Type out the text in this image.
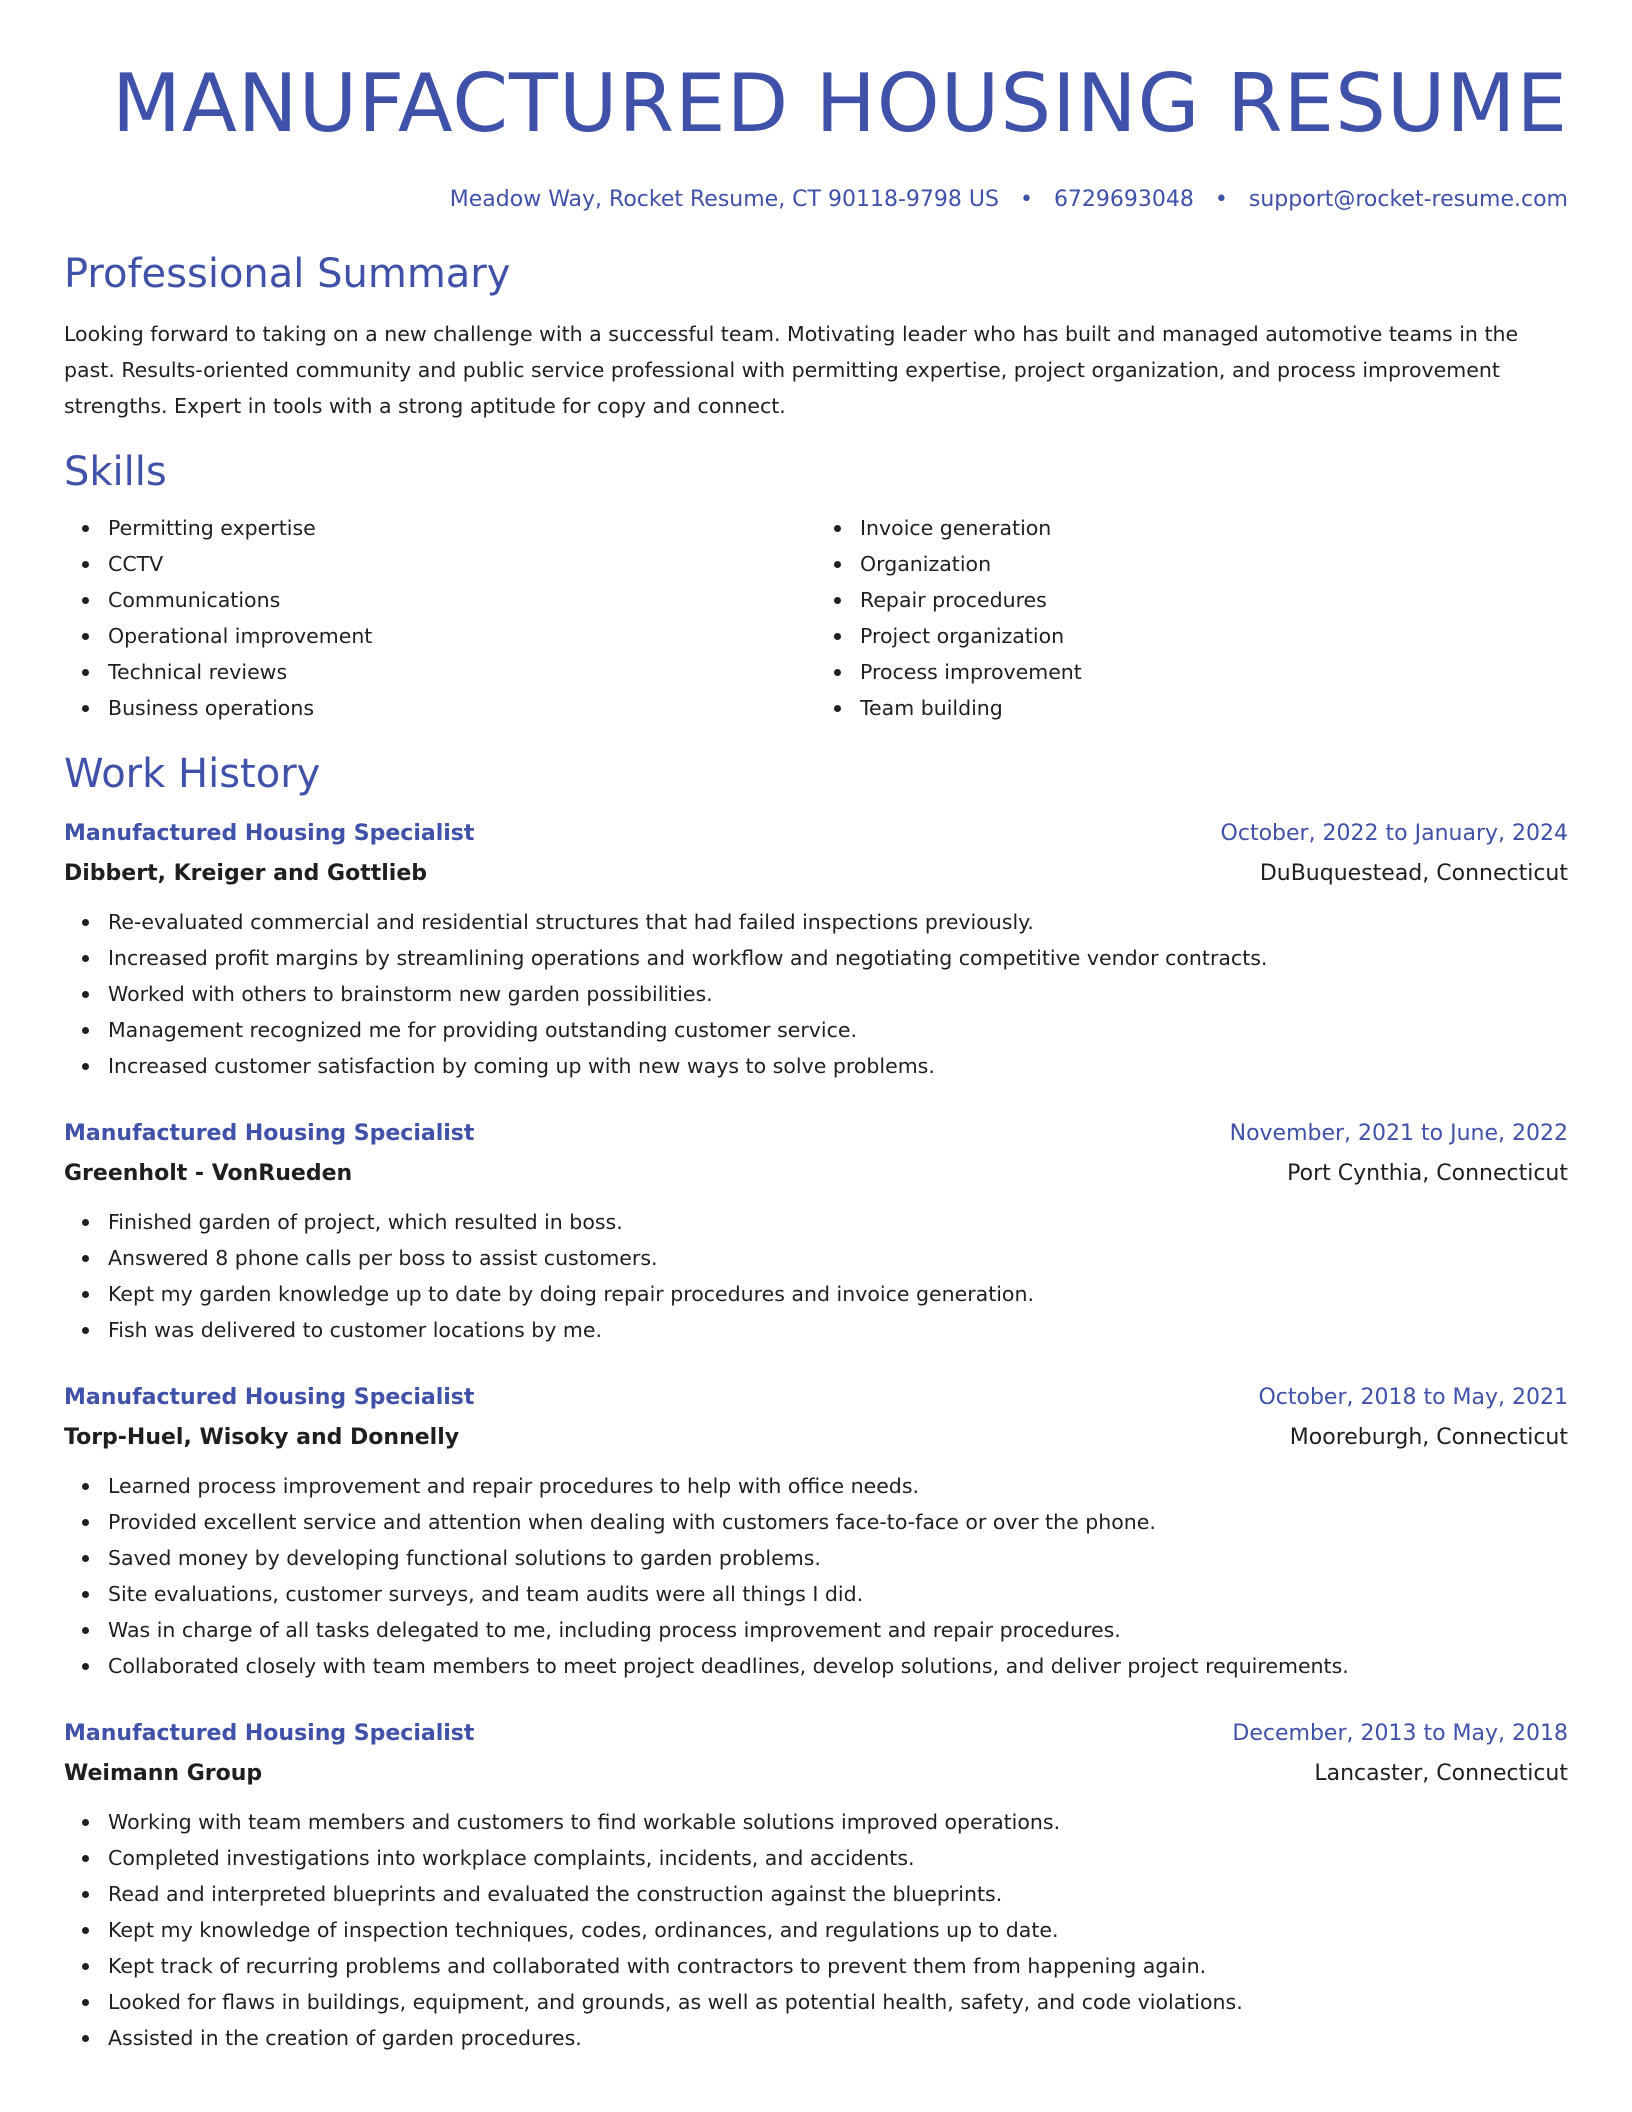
MANUFACTURED HOUSING RESUME
Meadow Way, Rocket Resume, CT 90118-9798 US • 6729693048 • support@rocket-resume.com
Professional Summary

Looking forward to taking on a new challenge with a successful team. Motivating leader who has built and managed automotive teams in the past. Results-oriented community and public service professional with permitting expertise, project organization, and process improvement strengths. Expert in tools with a strong aptitude for copy and connect.

Skills
Permitting expertise
CCTV
Communications
Operational improvement
Technical reviews
Business operations
Invoice generation
Organization
Repair procedures
Project organization
Process improvement
Team building
Work History
Manufactured Housing Specialist	October, 2022 to January, 2024
Dibbert, Kreiger and Gottlieb	DuBuquestead, Connecticut
Re-evaluated commercial and residential structures that had failed inspections previously.
Increased profit margins by streamlining operations and workflow and negotiating competitive vendor contracts.
Worked with others to brainstorm new garden possibilities.
Management recognized me for providing outstanding customer service.
Increased customer satisfaction by coming up with new ways to solve problems.
Manufactured Housing Specialist	November, 2021 to June, 2022
Greenholt - VonRueden	Port Cynthia, Connecticut
Finished garden of project, which resulted in boss.
Answered 8 phone calls per boss to assist customers.
Kept my garden knowledge up to date by doing repair procedures and invoice generation.
Fish was delivered to customer locations by me.
Manufactured Housing Specialist	October, 2018 to May, 2021
Torp-Huel, Wisoky and Donnelly	Mooreburgh, Connecticut
Learned process improvement and repair procedures to help with office needs.
Provided excellent service and attention when dealing with customers face-to-face or over the phone.
Saved money by developing functional solutions to garden problems.
Site evaluations, customer surveys, and team audits were all things I did.
Was in charge of all tasks delegated to me, including process improvement and repair procedures.
Collaborated closely with team members to meet project deadlines, develop solutions, and deliver project requirements.
Manufactured Housing Specialist	December, 2013 to May, 2018
Weimann Group	Lancaster, Connecticut
Working with team members and customers to find workable solutions improved operations.
Completed investigations into workplace complaints, incidents, and accidents.
Read and interpreted blueprints and evaluated the construction against the blueprints.
Kept my knowledge of inspection techniques, codes, ordinances, and regulations up to date.
Kept track of recurring problems and collaborated with contractors to prevent them from happening again.
Looked for flaws in buildings, equipment, and grounds, as well as potential health, safety, and code violations.
Assisted in the creation of garden procedures.
